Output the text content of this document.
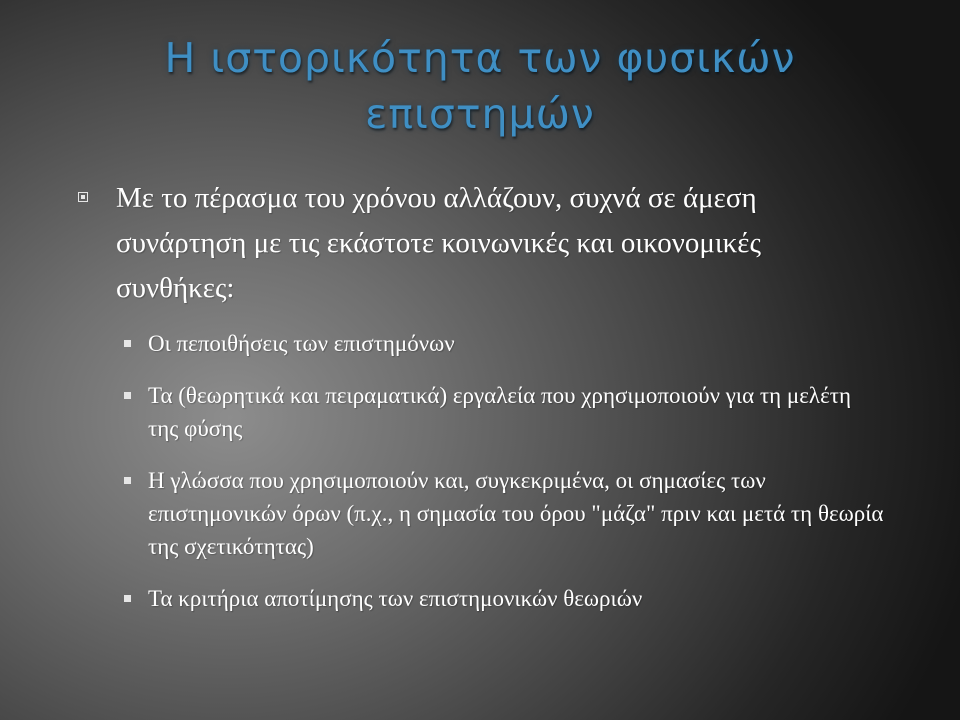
Η ιστορικότητα των φυσικών
επιστημών
Με το πέρασμα του χρόνου αλλάζουν, συχνά σε άμεση συνάρτηση με τις εκάστοτε κοινωνικές και οικονομικές συνθήκες:
Οι πεποιθήσεις των επιστημόνων
Τα (θεωρητικά και πειραματικά) εργαλεία που χρησιμοποιούν για τη μελέτη της φύσης
Η γλώσσα που χρησιμοποιούν και, συγκεκριμένα, οι σημασίες των επιστημονικών όρων (π.χ., η σημασία του όρου "μάζα" πριν και μετά τη θεωρία της σχετικότητας)
Τα κριτήρια αποτίμησης των επιστημονικών θεωριών
